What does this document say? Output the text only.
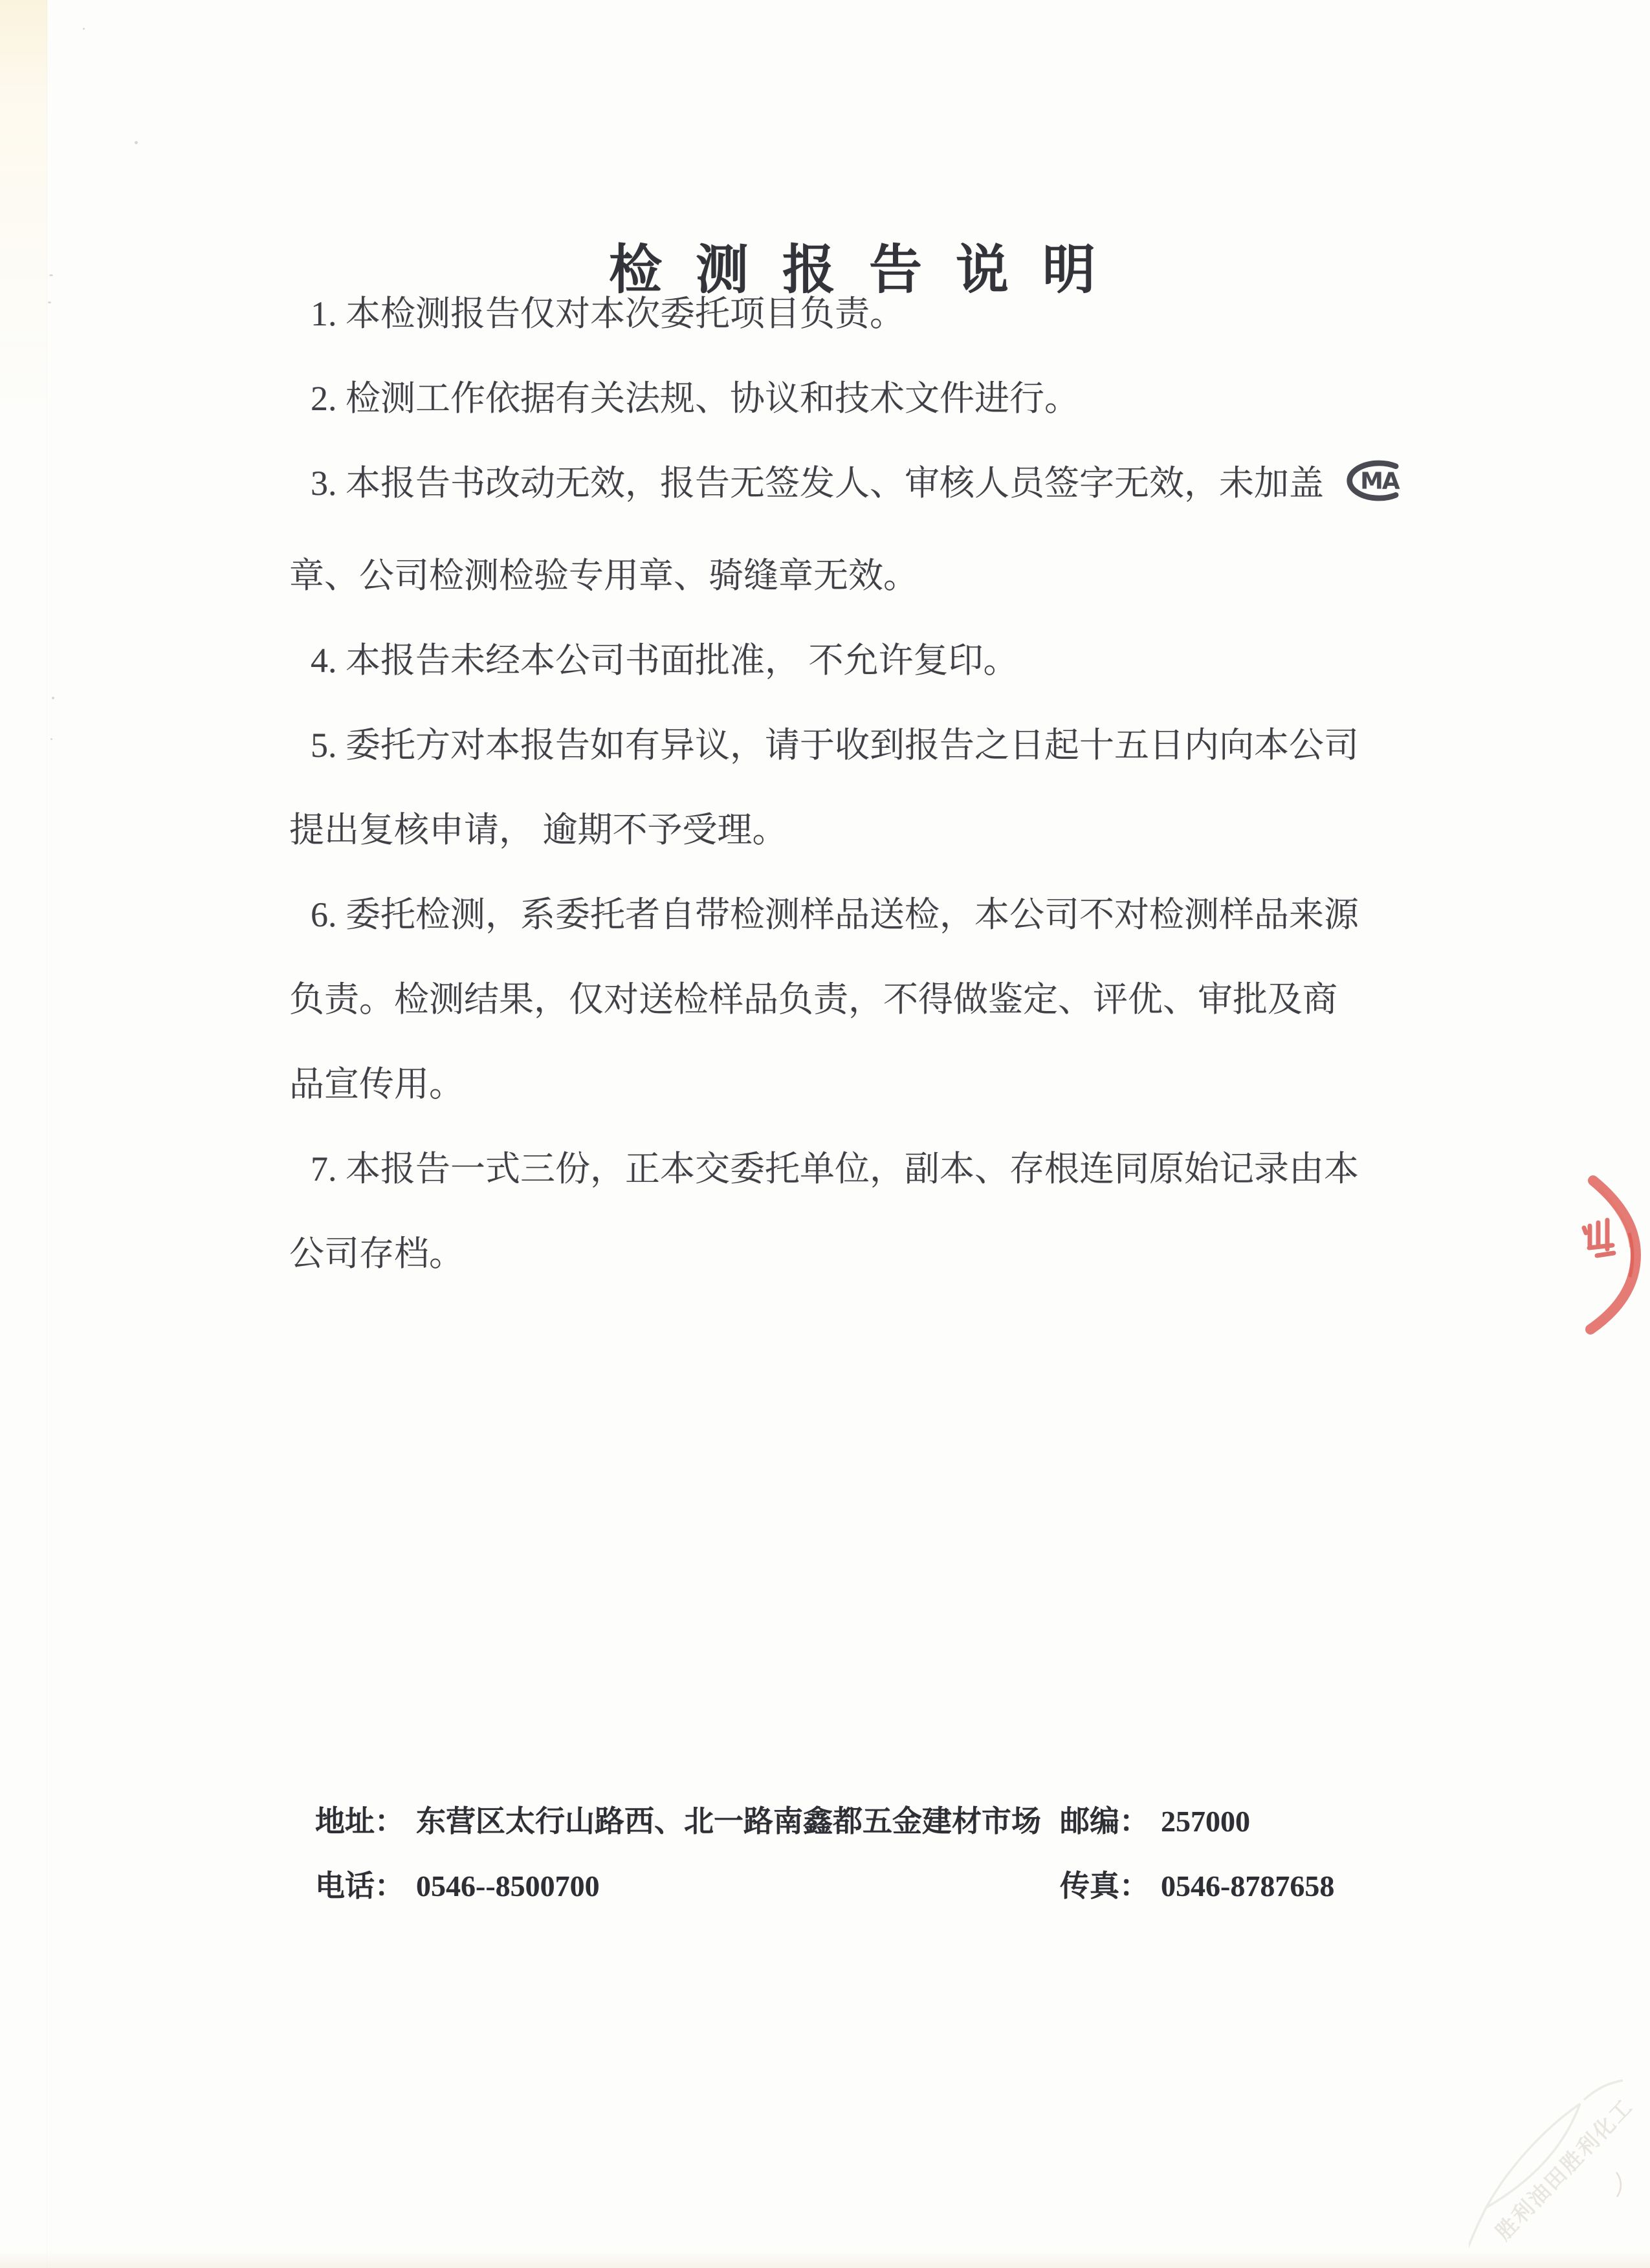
检测报告说明
1. 本检测报告仅对本次委托项目负责。
2. 检测工作依据有关法规、协议和技术文件进行。
3. 本报告书改动无效，报告无签发人、审核人员签字无效，未加盖 MA
章、公司检测检验专用章、骑缝章无效。
4. 本报告未经本公司书面批准， 不允许复印。
5. 委托方对本报告如有异议，请于收到报告之日起十五日内向本公司
提出复核申请， 逾期不予受理。
6. 委托检测，系委托者自带检测样品送检，本公司不对检测样品来源
负责。检测结果，仅对送检样品负责，不得做鉴定、评优、审批及商
品宣传用。
7. 本报告一式三份，正本交委托单位，副本、存根连同原始记录由本
公司存档。
胜利油田胜利化工
地址： 东营区太行山路西、北一路南鑫都五金建材市场 邮编： 257000
电话： 0546--8500700	传真： 0546-8787658
